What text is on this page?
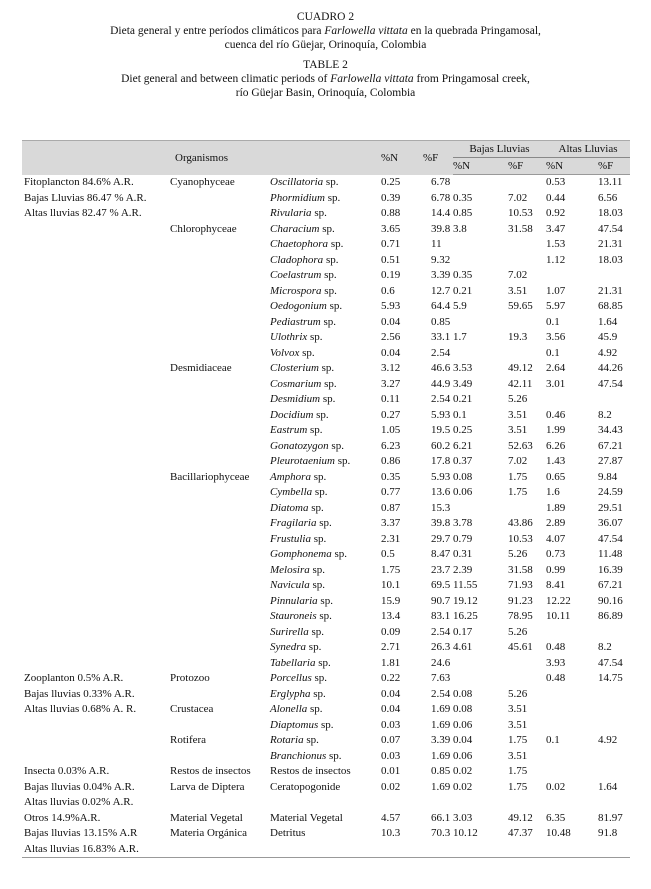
CUADRO 2
Dieta general y entre períodos climáticos para Farlowella vittata en la quebrada Pringamosal,
cuenca del río Güejar, Orinoquía, Colombia
TABLE 2
Diet general and between climatic periods of Farlowella vittata from Pringamosal creek,
río Güejar Basin, Orinoquía, Colombia
Organismos			%N	%F	Bajas Lluvias		Altas Lluvias	
					%N	%F	%N	%F
Fitoplancton 84.6% A.R.	Cyanophyceae	Oscillatoria sp.	0.25	6.78			0.53	13.11
Bajas Lluvias 86.47 % A.R.		Phormidium sp.	0.39	6.78	0.35	7.02	0.44	6.56
Altas lluvias 82.47 % A.R.		Rivularia sp.	0.88	14.4	0.85	10.53	0.92	18.03
	Chlorophyceae	Characium sp.	3.65	39.8	3.8	31.58	3.47	47.54
		Chaetophora sp.	0.71	11			1.53	21.31
		Cladophora sp.	0.51	9.32			1.12	18.03
		Coelastrum sp.	0.19	3.39	0.35	7.02		
		Microspora sp.	0.6	12.7	0.21	3.51	1.07	21.31
		Oedogonium sp.	5.93	64.4	5.9	59.65	5.97	68.85
		Pediastrum sp.	0.04	0.85			0.1	1.64
		Ulothrix sp.	2.56	33.1	1.7	19.3	3.56	45.9
		Volvox sp.	0.04	2.54			0.1	4.92
	Desmidiaceae	Closterium sp.	3.12	46.6	3.53	49.12	2.64	44.26
		Cosmarium sp.	3.27	44.9	3.49	42.11	3.01	47.54
		Desmidium sp.	0.11	2.54	0.21	5.26		
		Docidium sp.	0.27	5.93	0.1	3.51	0.46	8.2
		Eastrum sp.	1.05	19.5	0.25	3.51	1.99	34.43
		Gonatozygon sp.	6.23	60.2	6.21	52.63	6.26	67.21
		Pleurotaenium sp.	0.86	17.8	0.37	7.02	1.43	27.87
	Bacillariophyceae	Amphora sp.	0.35	5.93	0.08	1.75	0.65	9.84
		Cymbella sp.	0.77	13.6	0.06	1.75	1.6	24.59
		Diatoma sp.	0.87	15.3			1.89	29.51
		Fragilaria sp.	3.37	39.8	3.78	43.86	2.89	36.07
		Frustulia sp.	2.31	29.7	0.79	10.53	4.07	47.54
		Gomphonema sp.	0.5	8.47	0.31	5.26	0.73	11.48
		Melosira sp.	1.75	23.7	2.39	31.58	0.99	16.39
		Navicula sp.	10.1	69.5	11.55	71.93	8.41	67.21
		Pinnularia sp.	15.9	90.7	19.12	91.23	12.22	90.16
		Stauroneis sp.	13.4	83.1	16.25	78.95	10.11	86.89
		Surirella sp.	0.09	2.54	0.17	5.26		
		Synedra sp.	2.71	26.3	4.61	45.61	0.48	8.2
		Tabellaria sp.	1.81	24.6			3.93	47.54
Zooplanton 0.5% A.R.	Protozoo	Porcellus sp.	0.22	7.63			0.48	14.75
Bajas lluvias 0.33% A.R.		Erglypha sp.	0.04	2.54	0.08	5.26		
Altas lluvias 0.68% A. R.	Crustacea	Alonella sp.	0.04	1.69	0.08	3.51		
		Diaptomus sp.	0.03	1.69	0.06	3.51		
	Rotifera	Rotaria sp.	0.07	3.39	0.04	1.75	0.1	4.92
		Branchionus sp.	0.03	1.69	0.06	3.51		
Insecta 0.03% A.R.	Restos de insectos	Restos de insectos	0.01	0.85	0.02	1.75		
Bajas lluvias 0.04% A.R.	Larva de Diptera	Ceratopogonide	0.02	1.69	0.02	1.75	0.02	1.64
Altas lluvias 0.02% A.R.								
Otros 14.9%A.R.	Material Vegetal	Material Vegetal	4.57	66.1	3.03	49.12	6.35	81.97
Bajas lluvias 13.15% A.R	Materia Orgánica	Detritus	10.3	70.3	10.12	47.37	10.48	91.8
Altas lluvias 16.83% A.R.								
